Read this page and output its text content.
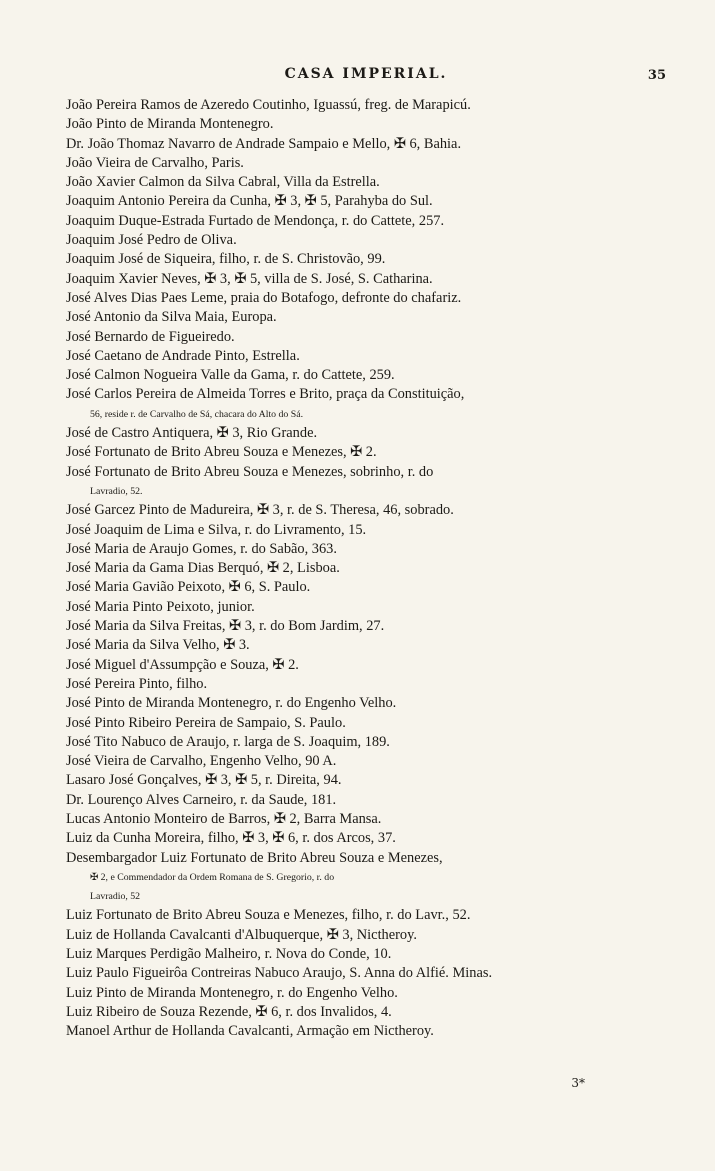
CASA IMPERIAL.	35
João Pereira Ramos de Azeredo Coutinho, Iguassú, freg. de Marapicú.
João Pinto de Miranda Montenegro.
Dr. João Thomaz Navarro de Andrade Sampaio e Mello, ✠ 6, Bahia.
João Vieira de Carvalho, Paris.
João Xavier Calmon da Silva Cabral, Villa da Estrella.
Joaquim Antonio Pereira da Cunha, ✠ 3, ✠ 5, Parahyba do Sul.
Joaquim Duque-Estrada Furtado de Mendonça, r. do Cattete, 257.
Joaquim José Pedro de Oliva.
Joaquim José de Siqueira, filho, r. de S. Christovão, 99.
Joaquim Xavier Neves, ✠ 3, ✠ 5, villa de S. José, S. Catharina.
José Alves Dias Paes Leme, praia do Botafogo, defronte do chafariz.
José Antonio da Silva Maia, Europa.
José Bernardo de Figueiredo.
José Caetano de Andrade Pinto, Estrella.
José Calmon Nogueira Valle da Gama, r. do Cattete, 259.
José Carlos Pereira de Almeida Torres e Brito, praça da Constituição,
56, reside r. de Carvalho de Sá, chacara do Alto do Sá.
José de Castro Antiquera, ✠ 3, Rio Grande.
José Fortunato de Brito Abreu Souza e Menezes, ✠ 2.
José Fortunato de Brito Abreu Souza e Menezes, sobrinho, r. do
Lavradio, 52.
José Garcez Pinto de Madureira, ✠ 3, r. de S. Theresa, 46, sobrado.
José Joaquim de Lima e Silva, r. do Livramento, 15.
José Maria de Araujo Gomes, r. do Sabão, 363.
José Maria da Gama Dias Berquó, ✠ 2, Lisboa.
José Maria Gavião Peixoto, ✠ 6, S. Paulo.
José Maria Pinto Peixoto, junior.
José Maria da Silva Freitas, ✠ 3, r. do Bom Jardim, 27.
José Maria da Silva Velho, ✠ 3.
José Miguel d'Assumpção e Souza, ✠ 2.
José Pereira Pinto, filho.
José Pinto de Miranda Montenegro, r. do Engenho Velho.
José Pinto Ribeiro Pereira de Sampaio, S. Paulo.
José Tito Nabuco de Araujo, r. larga de S. Joaquim, 189.
José Vieira de Carvalho, Engenho Velho, 90 A.
Lasaro José Gonçalves, ✠ 3, ✠ 5, r. Direita, 94.
Dr. Lourenço Alves Carneiro, r. da Saude, 181.
Lucas Antonio Monteiro de Barros, ✠ 2, Barra Mansa.
Luiz da Cunha Moreira, filho, ✠ 3, ✠ 6, r. dos Arcos, 37.
Desembargador Luiz Fortunato de Brito Abreu Souza e Menezes,
✠ 2, e Commendador da Ordem Romana de S. Gregorio, r. do
Lavradio, 52
Luiz Fortunato de Brito Abreu Souza e Menezes, filho, r. do Lavr., 52.
Luiz de Hollanda Cavalcanti d'Albuquerque, ✠ 3, Nictheroy.
Luiz Marques Perdigão Malheiro, r. Nova do Conde, 10.
Luiz Paulo Figueirôa Contreiras Nabuco Araujo, S. Anna do Alfié. Minas.
Luiz Pinto de Miranda Montenegro, r. do Engenho Velho.
Luiz Ribeiro de Souza Rezende, ✠ 6, r. dos Invalidos, 4.
Manoel Arthur de Hollanda Cavalcanti, Armação em Nictheroy.
3*
